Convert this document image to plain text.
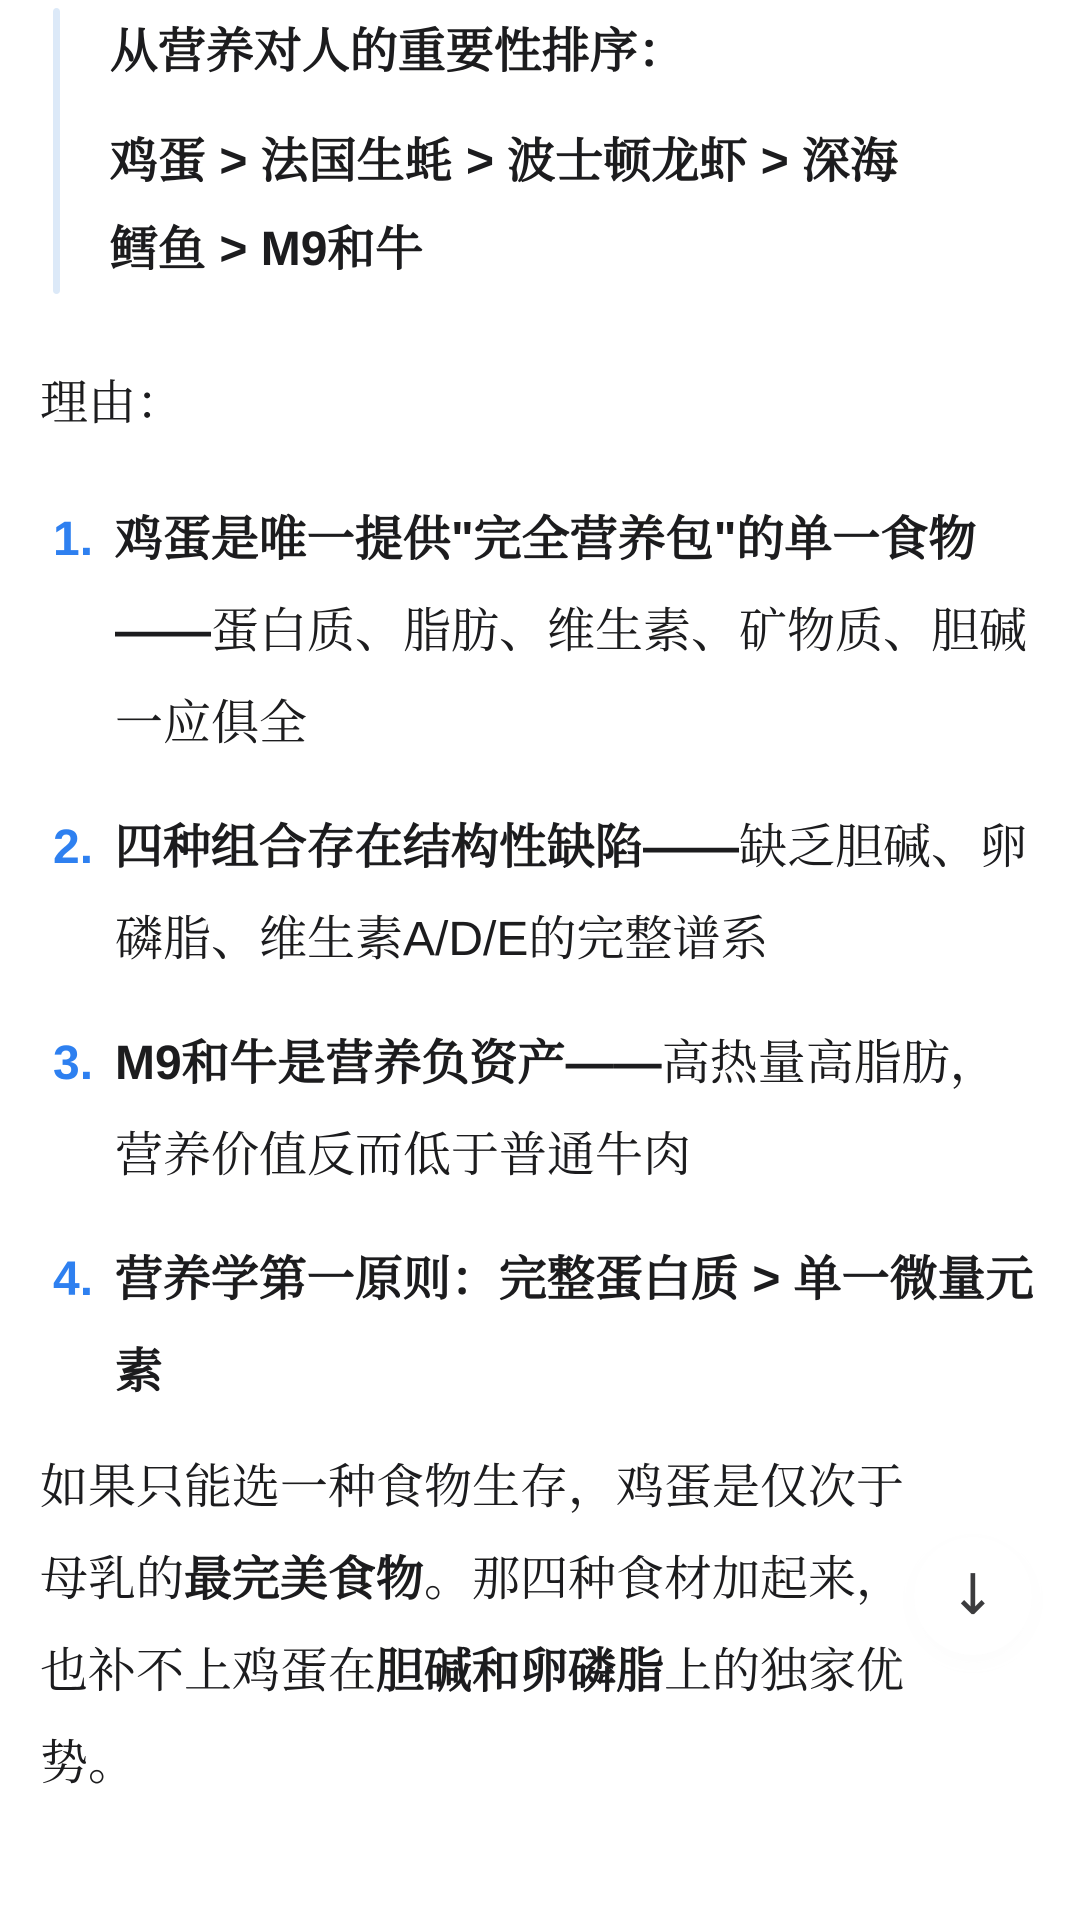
从营养对人的重要性排序：
鸡蛋 > 法国生蚝 > 波士顿龙虾 > 深海
鳕鱼 > M9和牛
理由：
1. 鸡蛋是唯一提供"完全营养包"的单一食物——蛋白质、脂肪、维生素、矿物质、胆碱一应俱全
2. 四种组合存在结构性缺陷——缺乏胆碱、卵磷脂、维生素A/D/E的完整谱系
3. M9和牛是营养负资产——高热量高脂肪，营养价值反而低于普通牛肉
4. 营养学第一原则：完整蛋白质 > 单一微量元素

如果只能选一种食物生存，鸡蛋是仅次于
母乳的最完美食物。那四种食材加起来，
也补不上鸡蛋在胆碱和卵磷脂上的独家优
势。

↓
